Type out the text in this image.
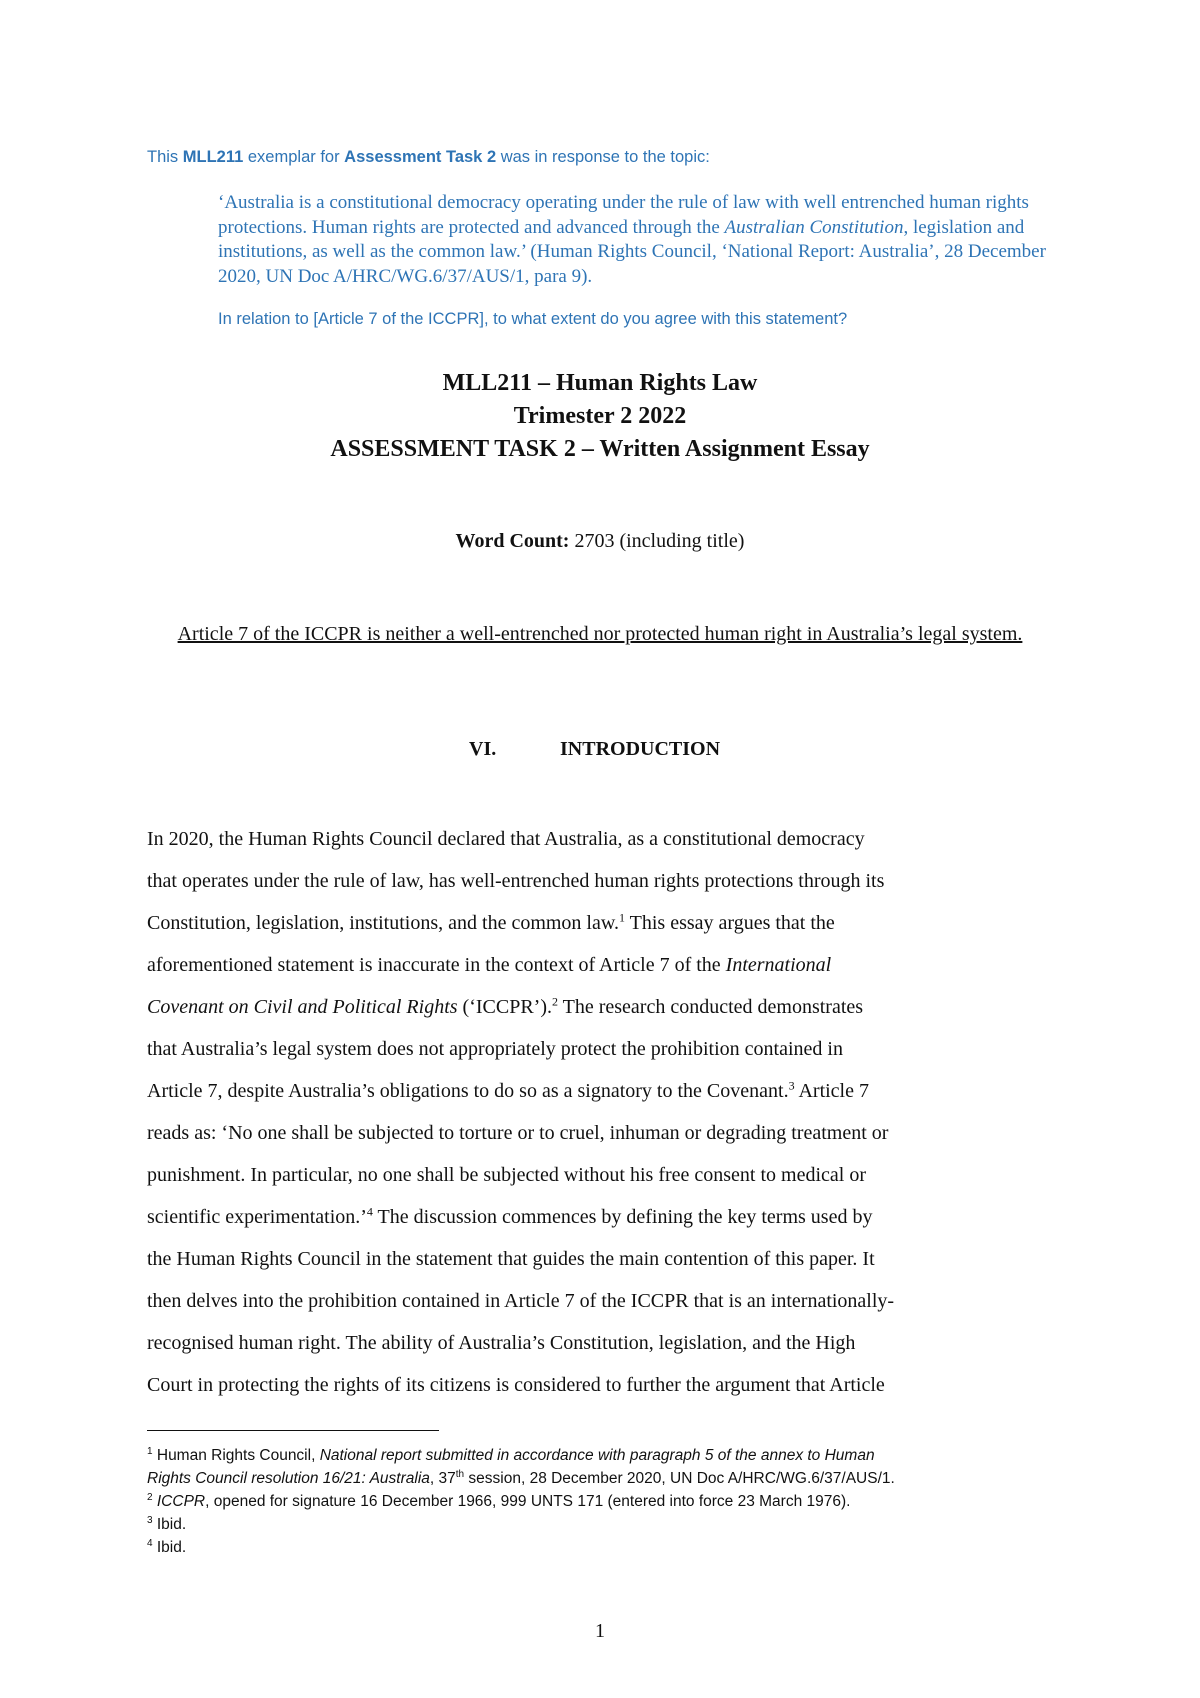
This MLL211 exemplar for Assessment Task 2 was in response to the topic:
‘Australia is a constitutional democracy operating under the rule of law with well entrenched human rights protections. Human rights are protected and advanced through the Australian Constitution, legislation and institutions, as well as the common law.’ (Human Rights Council, ‘National Report: Australia’, 28 December 2020, UN Doc A/HRC/WG.6/37/AUS/1, para 9).
In relation to [Article 7 of the ICCPR], to what extent do you agree with this statement?
MLL211 – Human Rights Law
Trimester 2 2022
ASSESSMENT TASK 2 – Written Assignment Essay
Word Count: 2703 (including title)
Article 7 of the ICCPR is neither a well-entrenched nor protected human right in Australia’s legal system.
VI.	INTRODUCTION
In 2020, the Human Rights Council declared that Australia, as a constitutional democracy
that operates under the rule of law, has well-entrenched human rights protections through its
Constitution, legislation, institutions, and the common law.$^1$ This essay argues that the
aforementioned statement is inaccurate in the context of Article 7 of the International
Covenant on Civil and Political Rights (‘ICCPR’).$^2$ The research conducted demonstrates
that Australia’s legal system does not appropriately protect the prohibition contained in
Article 7, despite Australia’s obligations to do so as a signatory to the Covenant.$^3$ Article 7
reads as: ‘No one shall be subjected to torture or to cruel, inhuman or degrading treatment or
punishment. In particular, no one shall be subjected without his free consent to medical or
scientific experimentation.’$^4$ The discussion commences by defining the key terms used by
the Human Rights Council in the statement that guides the main contention of this paper. It
then delves into the prohibition contained in Article 7 of the ICCPR that is an internationally-
recognised human right. The ability of Australia’s Constitution, legislation, and the High
Court in protecting the rights of its citizens is considered to further the argument that Article
$^1$ Human Rights Council, National report submitted in accordance with paragraph 5 of the annex to Human
Rights Council resolution 16/21: Australia, 37th session, 28 December 2020, UN Doc A/HRC/WG.6/37/AUS/1.
$^2$ ICCPR, opened for signature 16 December 1966, 999 UNTS 171 (entered into force 23 March 1976).
$^3$ Ibid.
$^4$ Ibid.
1
